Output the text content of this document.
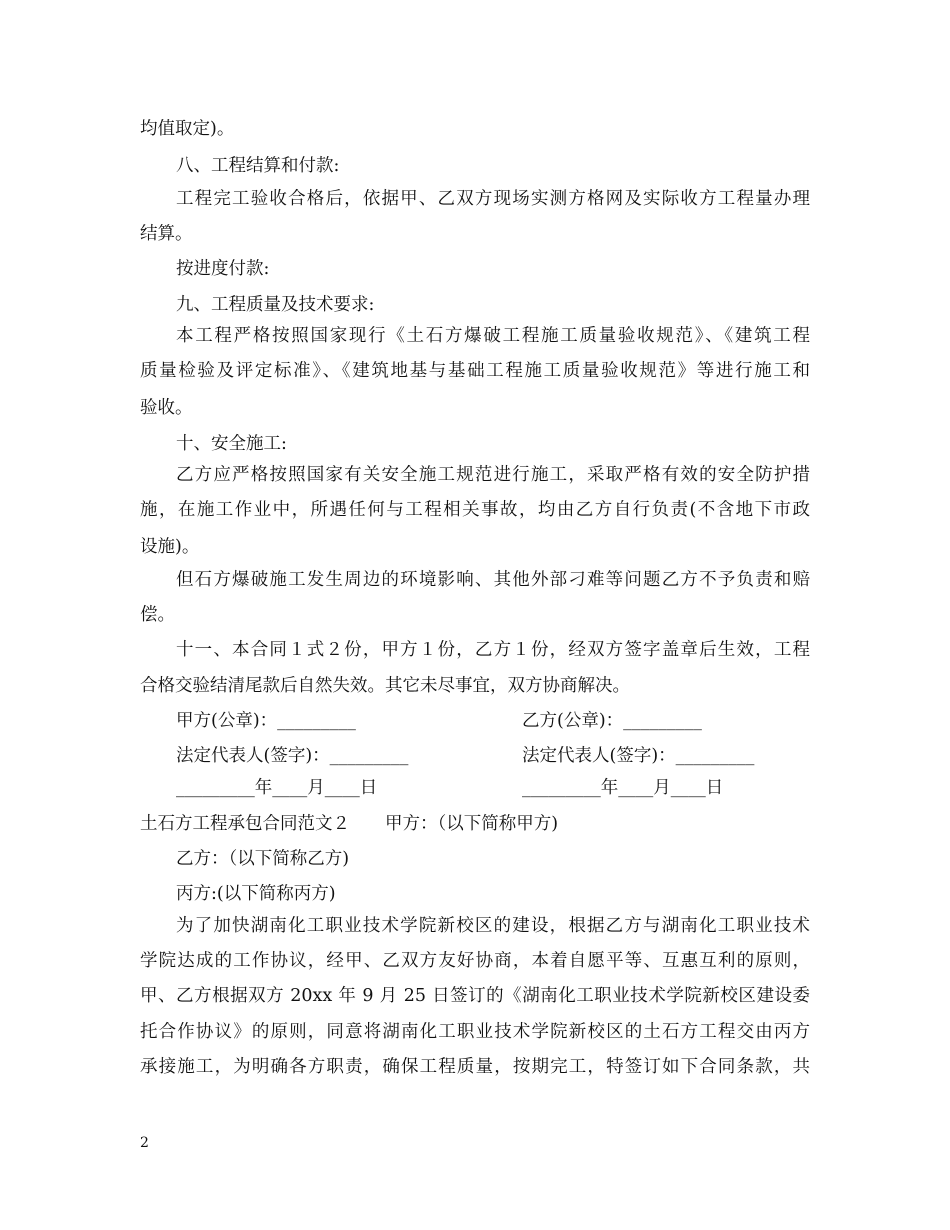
均值取定)。
八、工程结算和付款:
工程完工验收合格后，依据甲、乙双方现场实测方格网及实际收方工程量办理
结算。
按进度付款:
九、工程质量及技术要求:
本工程严格按照国家现行《土石方爆破工程施工质量验收规范》、《建筑工程
质量检验及评定标准》、《建筑地基与基础工程施工质量验收规范》等进行施工和
验收。
十、安全施工:
乙方应严格按照国家有关安全施工规范进行施工，采取严格有效的安全防护措
施，在施工作业中，所遇任何与工程相关事故，均由乙方自行负责(不含地下市政
设施)。
但石方爆破施工发生周边的环境影响、其他外部刁难等问题乙方不予负责和赔
偿。
十一、本合同１式２份，甲方１份，乙方１份，经双方签字盖章后生效，工程
合格交验结清尾款后自然失效。其它未尽事宜，双方协商解决。
甲方(公章)：_________	乙方(公章)：_________
法定代表人(签字)：_________	法定代表人(签字)：_________
_________年____月____日	_________年____月____日
土石方工程承包合同范文２　　甲方：（以下简称甲方)
乙方：（以下简称乙方)
丙方:(以下简称丙方)
为了加快湖南化工职业技术学院新校区的建设，根据乙方与湖南化工职业技术
学院达成的工作协议，经甲、乙双方友好协商，本着自愿平等、互惠互利的原则，
甲、乙方根据双方 20xx 年 9 月 25 日签订的《湖南化工职业技术学院新校区建设委
托合作协议》的原则，同意将湖南化工职业技术学院新校区的土石方工程交由丙方
承接施工，为明确各方职责，确保工程质量，按期完工，特签订如下合同条款，共
2
